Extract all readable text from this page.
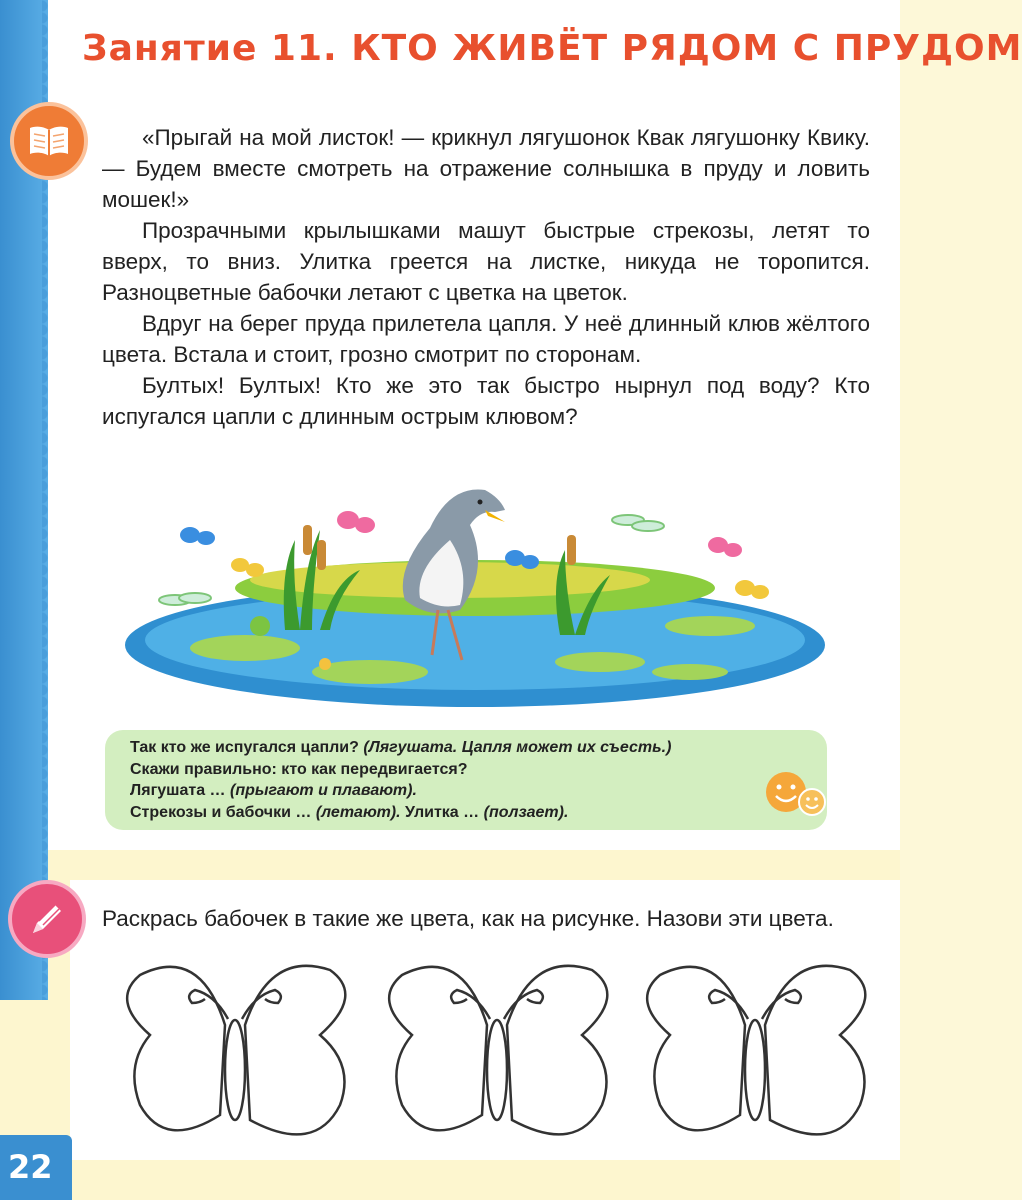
Занятие 11. КТО ЖИВЁТ РЯДОМ С ПРУДОМ

«Прыгай на мой листок! — крикнул лягушонок Квак лягушонку Квику. — Будем вместе смотреть на отражение солнышка в пруду и ловить мошек!»

Прозрачными крылышками машут быстрые стрекозы, летят то вверх, то вниз. Улитка греется на листке, никуда не торопится. Разноцветные бабочки летают с цветка на цветок.

Вдруг на берег пруда прилетела цапля. У неё длинный клюв жёлтого цвета. Встала и стоит, грозно смотрит по сторонам.

Бултых! Бултых! Кто же это так быстро нырнул под воду? Кто испугался цапли с длинным острым клювом?

Так кто же испугался цапли? (Лягушата. Цапля может их съесть.)
Скажи правильно: кто как передвигается?
Лягушата … (прыгают и плавают).
Стрекозы и бабочки … (летают). Улитка … (ползает).
Раскрась бабочек в такие же цвета, как на рисунке. Назови эти цвета.
22
